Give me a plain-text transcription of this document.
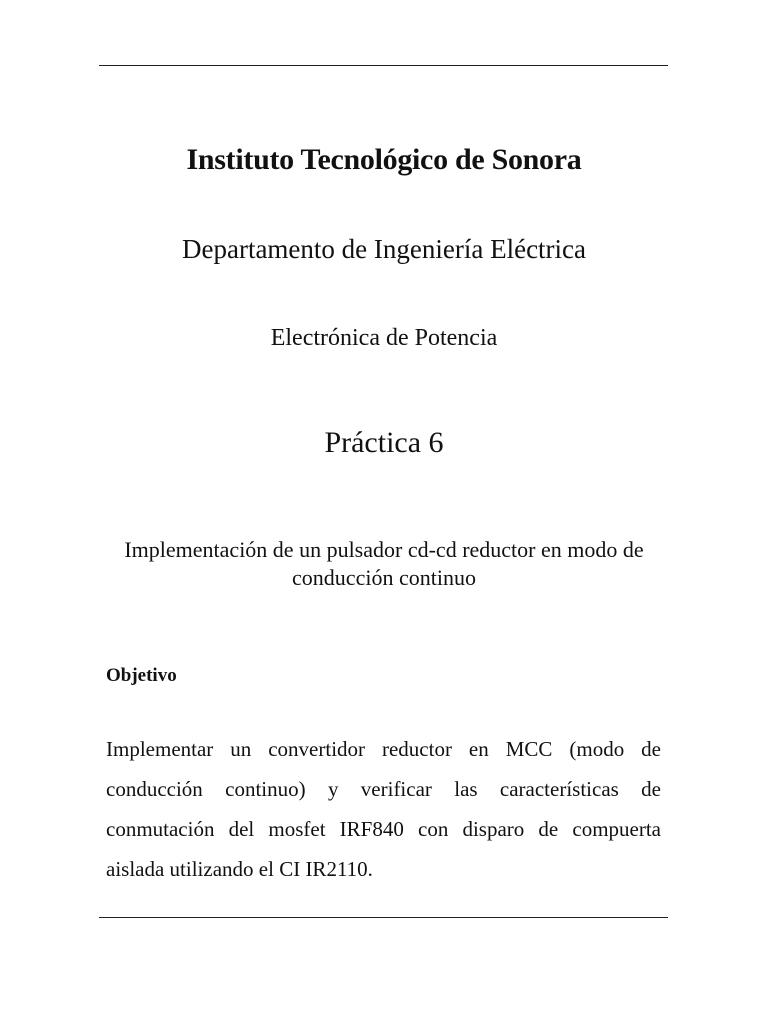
Instituto Tecnológico de Sonora
Departamento de Ingeniería Eléctrica
Electrónica de Potencia
Práctica 6
Implementación de un pulsador cd-cd reductor en modo de conducción continuo
Objetivo

Implementar un convertidor reductor en MCC (modo de conducción continuo) y verificar las características de conmutación del mosfet IRF840 con disparo de compuerta aislada utilizando el CI IR2110.
